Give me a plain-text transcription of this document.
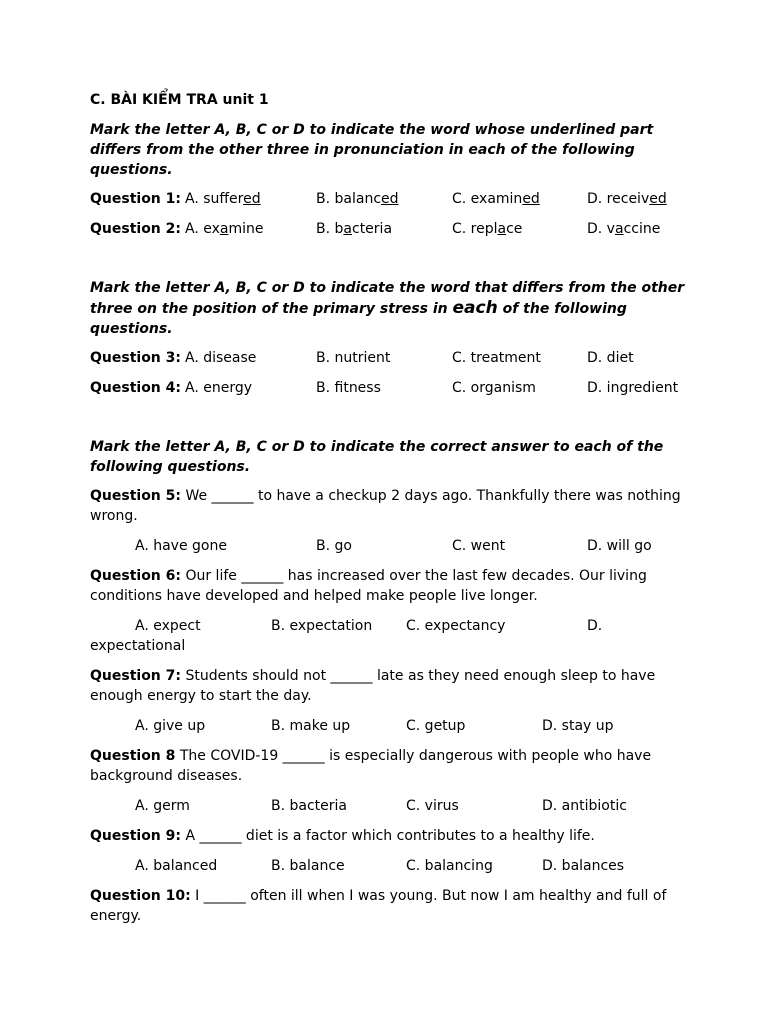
C. BÀI KIỂM TRA unit 1
Mark the letter A, B, C or D to indicate the word whose underlined part differs from the other three in pronunciation in each of the following questions.
Question 1: A. suffered	B. balanced	C. examined	D. received
Question 2: A. examine	B. bacteria	C. replace	D. vaccine
Mark the letter A, B, C or D to indicate the word that differs from the other three on the position of the primary stress in each of the following questions.
Question 3: A. disease	B. nutrient	C. treatment	D. diet
Question 4: A. energy	B. fitness	C. organism	D. ingredient
Mark the letter A, B, C or D to indicate the correct answer to each of the following questions.
Question 5: We ______ to have a checkup 2 days ago. Thankfully there was nothing wrong.
A. have gone	B. go	C. went	D. will go
Question 6: Our life ______ has increased over the last few decades. Our living conditions have developed and helped make people live longer.
A. expect	B. expectation C. expectancy	D.
expectational
Question 7: Students should not ______ late as they need enough sleep to have enough energy to start the day.
A. give up	B. make up	C. getup	D. stay up
Question 8 The COVID-19 ______ is especially dangerous with people who have background diseases.
A. germ	B. bacteria	C. virus	D. antibiotic
Question 9: A ______ diet is a factor which contributes to a healthy life.
A. balanced	B. balance	C. balancing	D. balances
Question 10: I ______ often ill when I was young. But now I am healthy and full of energy.
